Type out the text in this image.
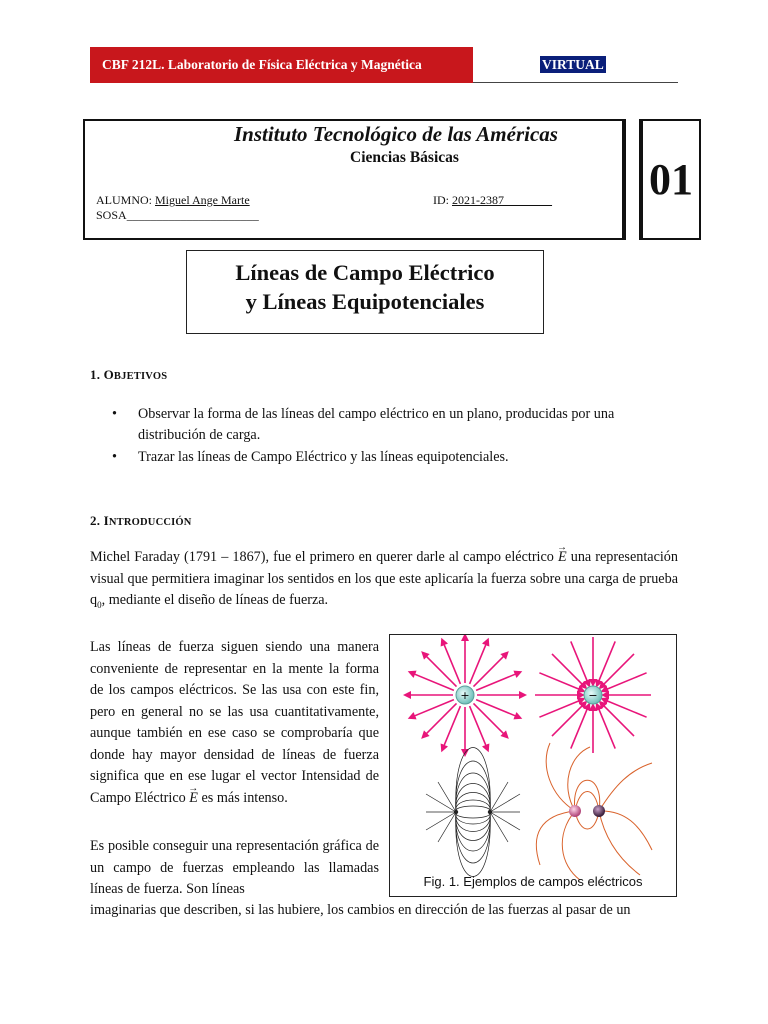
CBF 212L. Laboratorio de Física Eléctrica y Magnética	VIRTUAL
Instituto Tecnológico de las Américas
Ciencias Básicas
ALUMNO: Miguel Ange Marte
SOSA______________________
ID: 2021-2387________ 01
Líneas de Campo Eléctrico
y Líneas Equipotenciales
1. OBJETIVOS
• Observar la forma de las líneas del campo eléctrico en un plano, producidas por una distribución de carga.
• Trazar las líneas de Campo Eléctrico y las líneas equipotenciales.
2. INTRODUCCIÓN
Michel Faraday (1791 – 1867), fue el primero en querer darle al campo eléctrico → E una representación visual que permitiera imaginar los sentidos en los que este aplicaría la fuerza sobre una carga de prueba $q_0$, mediante el diseño de líneas de fuerza.
Las líneas de fuerza siguen siendo una manera conveniente de representar en la mente la forma de los campos eléctricos. Se las usa con este fin, pero en general no se las usa cuantitativamente, aunque también en ese caso se comprobaría que donde hay mayor densidad de líneas de fuerza significa que en ese lugar el vector Intensidad de Campo Eléctrico → E es más intenso.
Es posible conseguir una representación gráfica de un campo de fuerzas empleando las llamadas líneas de fuerza. Son líneas
imaginarias que describen, si las hubiere, los cambios en dirección de las fuerzas al pasar de un
+	−
Fig. 1. Ejemplos de campos eléctricos
